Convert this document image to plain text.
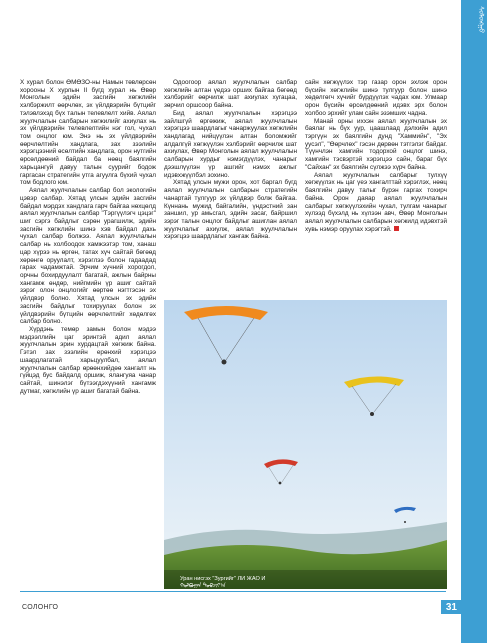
ᠰᠣᠯᠣᠩᠭ᠋ᠣ

Х хурал болон ӨМӨЗО-ны Намын төвлөрсөн хорооны Х хурлын II бүгд хурал нь Өвөр Монголын эдийн засгийн хөгжлийн хэлбэржилт өөрчлөх, эх үйлдвэрийн бүтцийг тэлэвлэхэд бүх талын телевлелт хийв. Аялал жуулчлалын салбарын хөгжилийг ахиулах нь эх үйлдвэрийн телевлелтийн нэг гол, чухал том онцлог юм. Энэ нь эх үйлдвэрийн өөрчлөлтийн хандлага, зах зээлийн хэрэгцээний өсөлтийн хандлага, орон нутгийн өрсөлдөөний байдал ба нөөц баялгийн харьцангуй давуу талын суурийг бодож гаргасан стратегийн утга агуулга бүхий чухал том бодлого юм.

Аялал жуулчлалын салбар бол экологийн цэвэр салбар. Хятад улсын эдийн засгийн байдал мэрдэх хандлага гарч байгаа нөхцөлд аялал жуулчлалын салбар "Тэргүүлэгч цэцэг" шиг сэргэ байдлыг сэрөн урагшилж, эдийн засгийн хөгжлийн шинэ хэв байдал дахь чухал салбар болжээ. Аялал жуулчлалын салбар нь холбоодох хамжээтэр том, ханаш цар хүрээ нь өргөн, татах хүч сайтай бөгөөд хөрөнгө оруулалт, хэрэглээ болон гадаадад гарах чадамжтай. Эрчим хүчний хорогдол, орчны бохирдуулалт багатай, ажлын байрны хангамж өндөр, нийгмийн үр ашиг сайтай зэрэг олон онцлогийг өөртөө нэгтгэсэн эх үйлдвэр болно. Хятад улсын эх эдийн засгийн байдлыг тохируулах болон эх үйлдвэрийн бүтцийн өөрчлөлтийг хөдөлгөх салбар болно.

Хүрдэнь темөр замын болон мэдээ мэдээллийн цаг эринтэй адил аялал жуулчлалын эрин хурдацтай хөгжиж байна. Гэтэл зах зээлийн ерөнхий хэрэгцээ шаардлагатай харьцуулбал, аялал жуулчлалын салбар өрөөнхийдөө хангалт нь гүйцэд бус байдалд оршиж, ялангуяа чанар сайтай, шинэлэг бүтээгдэхүүний хангамж дутмаг, хөгжлийн үр ашиг багатай байна.

Одоогоор аялал жуулчлалын салбар хөгжлийн алтан үедээ орших байгаа бөгөөд хэлбэрийг өөрчилж шат ахиулах хугацаа, зөрчил оршсоор байна.

Бид аялал жуулчлалын хэрэгцээ зайлшгүй өргөжиж, аялал жуулчлалын хэрэгцээ шаардлагыг чанаржуулах хөгжлийн хандлагад нийцүүлэн алтан боломжийг алдалгүй хөгжүүлэн хэлбэрийг өөрчилж шат ахиулах, Өвөр Монголын аялал жуулчлалын салбарын хурдыг нэмэгдүүлэх, чанарыг дээшлүүлэн үр ашгийг нэмэх ажлыг идэвхжүүлбэл зохино.

Хятад улсын мужи орон, хот баргал бүгд аялал жуулчлалын салбарын стратегийн чанартай тулгуур эх үйлдвэр болж байгаа. Күннань мужид байгалийн, үндэстний зан заншил, ур амьсгал, эдийн засаг, байршил зэрэг талын онцлог байдлыг ашиглан аялал жуулчлалыг ахиулж, аялал жуулчлалын хэрэгцээ шаардлагыг хангаж байна.

сайн хөгжүүлэх тэр газар орон эхлэж орон бүсийн хөгжлийн шинэ тулгуур болон шинэ хөдөлгөгч хүчийг бүрдүүлэх чадах юм. Улмаар орон бүсийн өрсөлдөөний идэвх эрх болон холбоо эрхийг улам сайн эзэмших чадна.

Манай орны иххэн аялал жуулчлалын эх баялаг нь бүх уур, цаашлаад дэлхийн адил тэргүүн эх баялгийн дунд "Хаммийн", "Эх уусэл", "Өөрчлөх" гэсэн дөрвөн тэтгэлэг байдаг. Түүнчлэн хамгийн тодорхой онцлог шинэ, хамгийн тэсвэртэй хэрэгцээ сайн, бараг бүх "Сайхан" эх баялгийн сүлжээ хүрч байна.

Аялал жуулчлалын салбарыг тулхүү хөгжүүлэх нь цаг үеэ хангалттай хэрэглэх, нөөц баялгийн давуу талыг бүрэн гаргах тохирч байна. Орон даяар аялал жуулчлалын салбарыг хөгжүүлэхийн чухал, тулгам чанарыг хүлээд бүхэлд нь хүлээн авч, Өвөр Монголын аялал жуулчлалын салбарын хөгжилд идэвхтэй хувь нэмэр оруулах хэрэгтэй.

Уран нисгэх "Зургийг" ЛИ ЖАО И
ᠬᠣᠯᠪᠣᠭᠠᠨ ᠲᠣᠪᠴᠢᠶ᠎ᠠ
СОЛОНГО	31
